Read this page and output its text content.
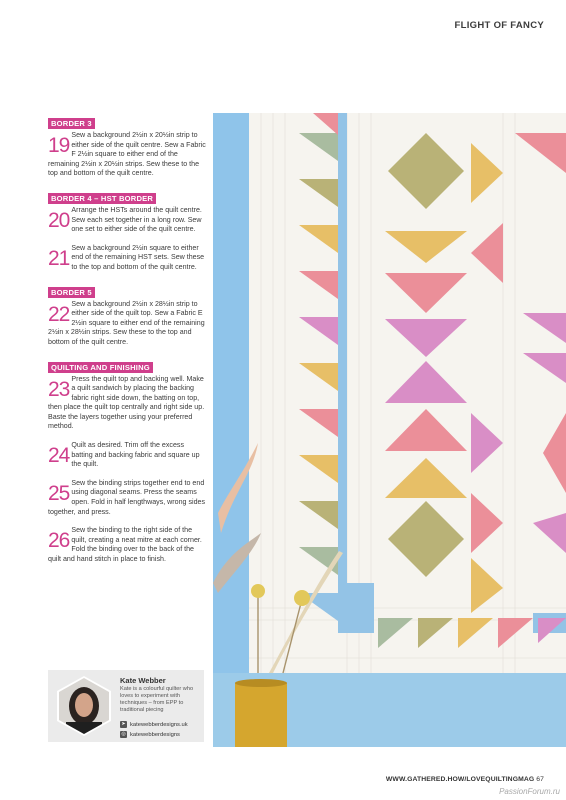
FLIGHT OF FANCY
BORDER 3
19 Sew a background 2½in x 20½in strip to either side of the quilt centre. Sew a Fabric F 2½in square to either end of the remaining 2½in x 20½in strips. Sew these to the top and bottom of the quilt centre.
BORDER 4 – HST BORDER
20 Arrange the HSTs around the quilt centre. Sew each set together in a long row. Sew one set to either side of the quilt centre.
21 Sew a background 2½in square to either end of the remaining HST sets. Sew these to the top and bottom of the quilt centre.
BORDER 5
22 Sew a background 2½in x 28½in strip to either side of the quilt top. Sew a Fabric E 2½in square to either end of the remaining 2½in x 28½in strips. Sew these to the top and bottom of the quilt centre.
QUILTING AND FINISHING
23 Press the quilt top and backing well. Make a quilt sandwich by placing the backing fabric right side down, the batting on top, then place the quilt top centrally and right side up. Baste the layers together using your preferred method.
24 Quilt as desired. Trim off the excess batting and backing fabric and square up the quilt.
25 Sew the binding strips together end to end using diagonal seams. Press the seams open. Fold in half lengthways, wrong sides together, and press.
26 Sew the binding to the right side of the quilt, creating a neat mitre at each corner. Fold the binding over to the back of the quilt and hand stitch in place to finish.
Kate Webber
Kate is a colourful quilter who loves to experiment with techniques – from EPP to traditional piecing
➤ katewebberdesigns.uk
◎ katewebberdesigns
WWW.GATHERED.HOW/LOVEQUILTINGMAG 67
PassionForum.ru
